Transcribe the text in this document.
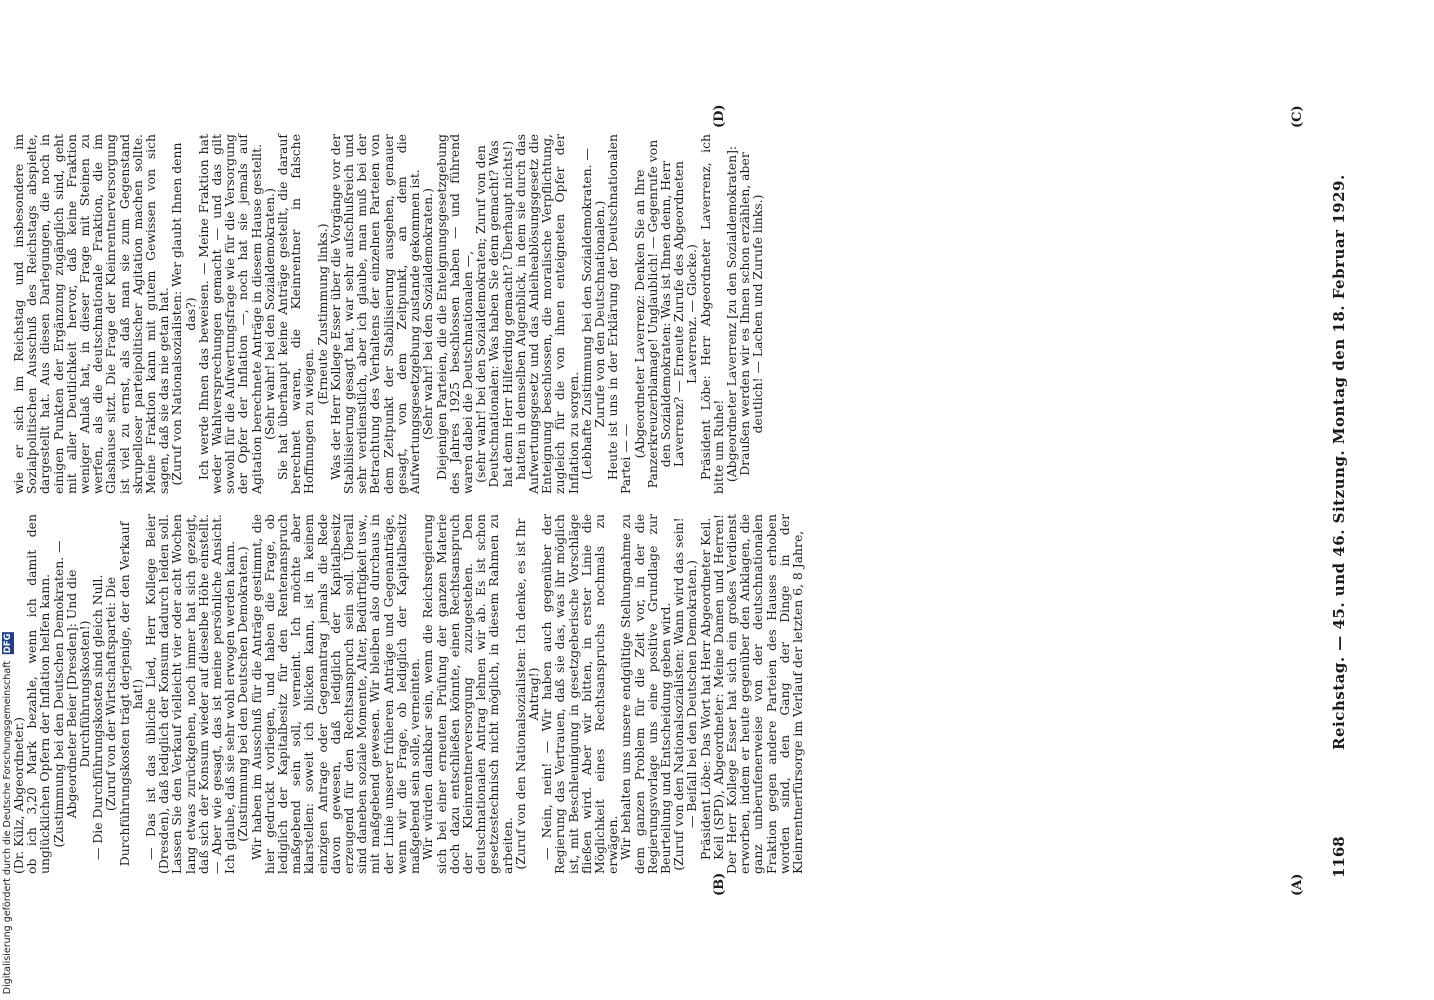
Digitalisierung gefördert durch die Deutsche Forschungsgemeinschaft DFG
1168
Reichstag. — 45. und 46. Sitzung. Montag den 18. Februar 1929.

(Dr. Külz, Abgeordneter.)

ob ich 3,20 Mark bezahle, wenn ich damit den unglücklichen Opfern der Inflation helfen kann.

(Zustimmung bei den Deutschen Demokraten. — Abgeordneter Beier [Dresden]: Und die Durchführungskosten!)

— Die Durchführungskosten sind gleich Null.

(Zuruf von der Wirtschaftspartei: Die Durchführungskosten trägt derjenige, der den Verkauf hat!)

— Das ist das übliche Lied, Herr Kollege Beier (Dresden), daß lediglich der Konsum dadurch leiden soll. Lassen Sie den Verkauf vielleicht vier oder acht Wochen lang etwas zurückgehen, noch immer hat sich gezeigt, daß sich der Konsum wieder auf dieselbe Höhe einstellt. — Aber wie gesagt, das ist meine persönliche Ansicht. Ich glaube, daß sie sehr wohl erwogen werden kann.

(Zustimmung bei den Deutschen Demokraten.)

Wir haben im Ausschuß für die Anträge gestimmt, die hier gedruckt vorliegen, und haben die Frage, ob lediglich der Kapitalbesitz für den Rentenanspruch maßgebend sein soll, verneint. Ich möchte aber klarstellen: soweit ich blicken kann, ist in keinem einzigen Antrage oder Gegenantrag jemals die Rede davon gewesen, daß lediglich der Kapitalbesitz erzeugend für den Rechtsanspruch sein soll. Überall sind daneben soziale Momente, Alter, Bedürftigkeit usw., mit maßgebend gewesen. Wir bleiben also durchaus in der Linie unserer früheren Anträge und Gegenanträge, wenn wir die Frage, ob lediglich der Kapitalbesitz maßgebend sein solle, verneinten.

Wir würden dankbar sein, wenn die Reichsregierung sich bei einer erneuten Prüfung der ganzen Materie doch dazu entschließen könnte, einen Rechtsanspruch der Kleinrentnerversorgung zuzugestehen. Den deutschnationalen Antrag lehnen wir ab. Es ist schon gesetzestechnisch nicht möglich, in diesem Rahmen zu arbeiten.

(Zuruf von den Nationalsozialisten: Ich denke, es ist Ihr Antrag!)

— Nein, nein! — Wir haben auch gegenüber der Regierung das Vertrauen, daß sie das, was ihr möglich ist, mit Beschleunigung in gesetzgeberische Vorschläge fließen wird. Aber wir bitten, in erster Linie die Möglichkeit eines Rechtsanspruchs nochmals zu erwägen.

Wir behalten uns unsere endgültige Stellungnahme zu dem ganzen Problem für die Zeit vor, in der die Regierungsvorlage uns eine positive Grundlage zur Beurteilung und Entscheidung geben wird.

(Zuruf von den Nationalsozialisten: Wann wird das sein! — Beifall bei den Deutschen Demokraten.)

Präsident Löbe: Das Wort hat Herr Abgeordneter Keil.

Keil (SPD), Abgeordneter: Meine Damen und Herren! Der Herr Kollege Esser hat sich ein großes Verdienst erworben, indem er heute gegenüber den Anklagen, die ganz unberufenerweise von der deutschnationalen Fraktion gegen andere Parteien des Hauses erhoben worden sind, den Gang der Dinge in der Kleinrentnerfürsorge im Verlauf der letzten 6, 8 Jahre,

wie er sich im Reichstag und insbesondere im Sozialpolitischen Ausschuß des Reichstags abspielte, dargestellt hat. Aus diesen Darlegungen, die noch in einigen Punkten der Ergänzung zugänglich sind, geht mit aller Deutlichkeit hervor, daß keine Fraktion weniger Anlaß hat, in dieser Frage mit Steinen zu werfen, als die deutschnationale Fraktion, die im Glashause sitzt. Die Frage der Kleinrentnerversorgung ist viel zu ernst, als daß man sie zum Gegenstand skrupelloser parteipolitischer Agitation machen sollte. Meine Fraktion kann mit gutem Gewissen von sich sagen, daß sie das nie getan hat.

(Zuruf von Nationalsozialisten: Wer glaubt Ihnen denn das?)

Ich werde Ihnen das beweisen. — Meine Fraktion hat weder Wahlversprechungen gemacht — und das gilt sowohl für die Aufwertungsfrage wie für die Versorgung der Opfer der Inflation —, noch hat sie jemals auf Agitation berechnete Anträge in diesem Hause gestellt.

(Sehr wahr! bei den Sozialdemokraten.)

Sie hat überhaupt keine Anträge gestellt, die darauf berechnet waren, die Kleinrentner in falsche Hoffnungen zu wiegen.

(Erneute Zustimmung links.)

Was der Herr Kollege Esser über die Vorgänge vor der Stabilisierung gesagt hat, war sehr aufschlußreich und sehr verdienstlich, aber ich glaube, man muß bei der Betrachtung des Verhaltens der einzelnen Parteien von dem Zeitpunkt der Stabilisierung ausgehen, genauer gesagt, von dem Zeitpunkt, an dem die Aufwertungsgesetzgebung zustande gekommen ist.

(Sehr wahr! bei den Sozialdemokraten.)

Diejenigen Parteien, die die Enteignungsgesetzgebung des Jahres 1925 beschlossen haben — und führend waren dabei die Deutschnationalen —,

(sehr wahr! bei den Sozialdemokraten; Zuruf von den Deutschnationalen: Was haben Sie denn gemacht? Was hat denn Herr Hilferding gemacht? Überhaupt nichts!)

hatten in demselben Augenblick, in dem sie durch das Aufwertungsgesetz und das Anleiheablösungsgesetz die Enteignung beschlossen, die moralische Verpflichtung, zugleich für die von ihnen enteigneten Opfer der Inflation zu sorgen.

(Lebhafte Zustimmung bei den Sozialdemokraten. — Zurufe von den Deutschnationalen.)

Heute ist uns in der Erklärung der Deutschnationalen Partei — —

(Abgeordneter Laverrenz: Denken Sie an Ihre Panzerkreuzerblamage! Unglaublich! — Gegenrufe von den Sozialdemokraten: Was ist Ihnen denn, Herr Laverrenz? — Erneute Zurufe des Abgeordneten Laverrenz. — Glocke.)

Präsident Löbe: Herr Abgeordneter Laverrenz, ich bitte um Ruhe!

(Abgeordneter Laverrenz [zu den Sozialdemokraten]: Draußen werden wir es Ihnen schon erzählen, aber deutlich! — Lachen und Zurufe links.)

(A)
(B)
(C)
(D)
